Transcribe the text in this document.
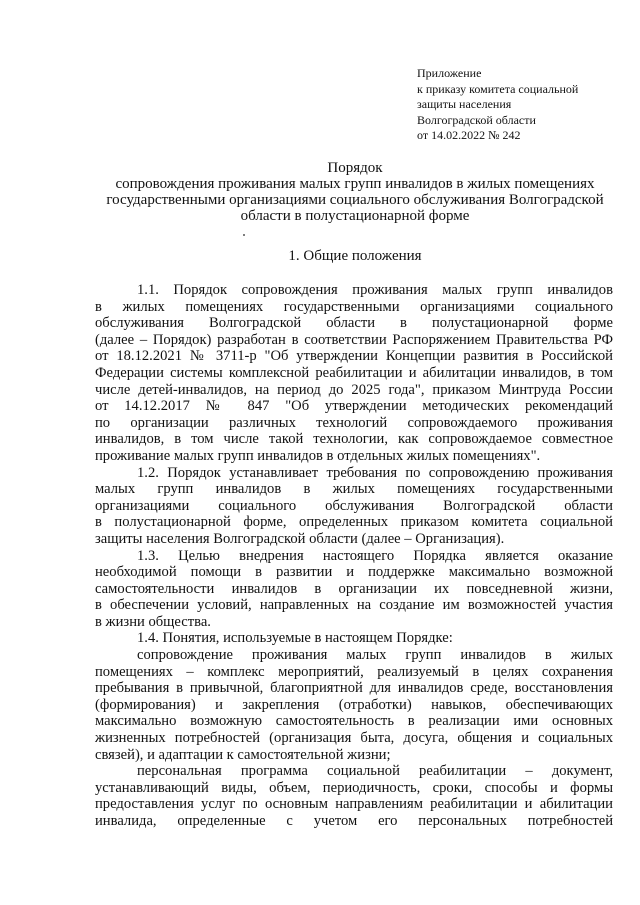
Приложение
к приказу комитета социальной
защиты населения
Волгоградской области
от 14.02.2022 № 242
Порядок
сопровождения проживания малых групп инвалидов в жилых помещениях
государственными организациями социального обслуживания Волгоградской
области в полустационарной форме
1. Общие положения

1.1. Порядок сопровождения проживания малых групп инвалидов
в жилых помещениях государственными организациями социального
обслуживания Волгоградской области в полустационарной форме
(далее – Порядок) разработан в соответствии Распоряжением Правительства РФ
от 18.12.2021 № 3711-р "Об утверждении Концепции развития в Российской
Федерации системы комплексной реабилитации и абилитации инвалидов, в том
числе детей-инвалидов, на период до 2025 года", приказом Минтруда России
от 14.12.2017 № 847 "Об утверждении методических рекомендаций
по организации различных технологий сопровождаемого проживания
инвалидов, в том числе такой технологии, как сопровождаемое совместное
проживание малых групп инвалидов в отдельных жилых помещениях".

1.2. Порядок устанавливает требования по сопровождению проживания
малых групп инвалидов в жилых помещениях государственными
организациями социального обслуживания Волгоградской области
в полустационарной форме, определенных приказом комитета социальной
защиты населения Волгоградской области (далее – Организация).

1.3. Целью внедрения настоящего Порядка является оказание
необходимой помощи в развитии и поддержке максимально возможной
самостоятельности инвалидов в организации их повседневной жизни,
в обеспечении условий, направленных на создание им возможностей участия
в жизни общества.

1.4. Понятия, используемые в настоящем Порядке:

сопровождение проживания малых групп инвалидов в жилых
помещениях – комплекс мероприятий, реализуемый в целях сохранения
пребывания в привычной, благоприятной для инвалидов среде, восстановления
(формирования) и закрепления (отработки) навыков, обеспечивающих
максимально возможную самостоятельность в реализации ими основных
жизненных потребностей (организация быта, досуга, общения и социальных
связей), и адаптации к самостоятельной жизни;

персональная программа социальной реабилитации – документ,
устанавливающий виды, объем, периодичность, сроки, способы и формы
предоставления услуг по основным направлениям реабилитации и абилитации
инвалида, определенные с учетом его персональных потребностей
